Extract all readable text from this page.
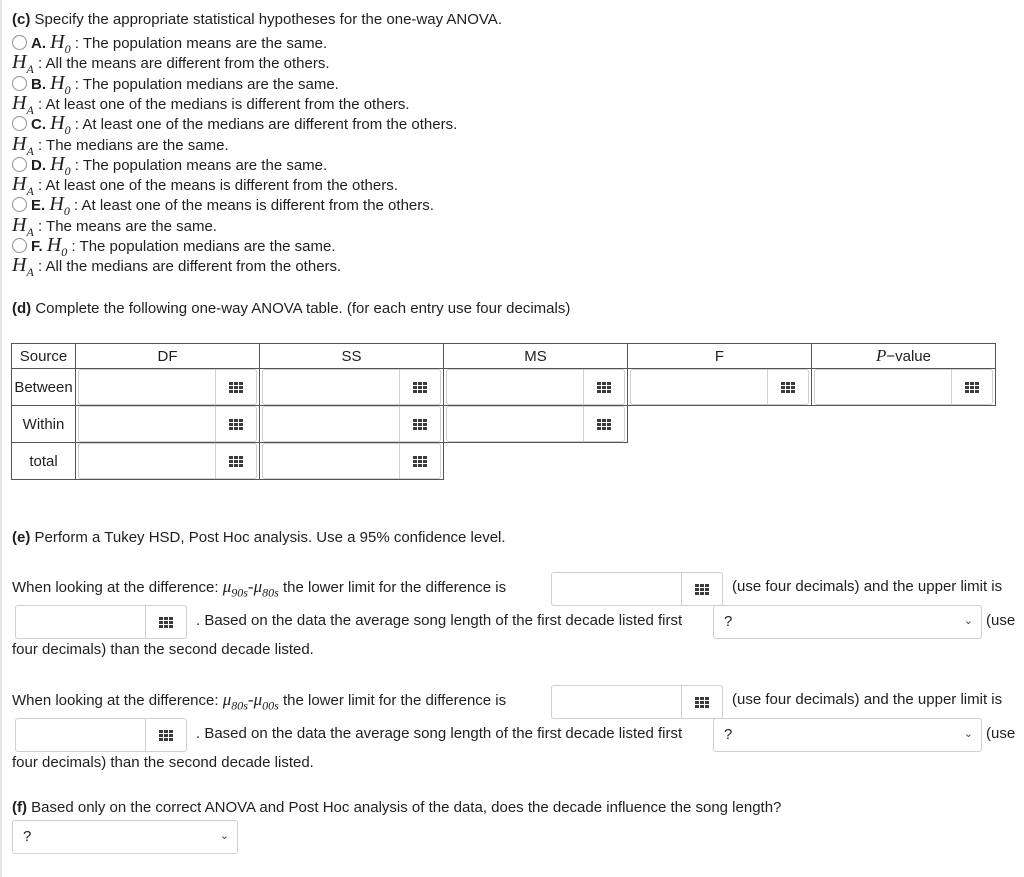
(c) Specify the appropriate statistical hypotheses for the one-way ANOVA.
A. $H_0$ : The population means are the same.
$H_A$ : All the means are different from the others.
B. $H_0$ : The population medians are the same.
$H_A$ : At least one of the medians is different from the others.
C. $H_0$ : At least one of the medians are different from the others.
$H_A$ : The medians are the same.
D. $H_0$ : The population means are the same.
$H_A$ : At least one of the means is different from the others.
E. $H_0$ : At least one of the means is different from the others.
$H_A$ : The means are the same.
F. $H_0$ : The population medians are the same.
$H_A$ : All the medians are different from the others.
(d) Complete the following one-way ANOVA table. (for each entry use four decimals)
Source	DF	SS	MS	F	P−value
Between	

Within	

total	

(e) Perform a Tukey HSD, Post Hoc analysis. Use a 95% confidence level.
When looking at the difference: $\mu_{90s}-\mu_{80s}$ the lower limit for the difference is	(use four decimals) and the upper limit is
. Based on the data the average song length of the first decade listed first	?	⌄ (use
four decimals) than the second decade listed.
When looking at the difference: $\mu_{80s}-\mu_{00s}$ the lower limit for the difference is	(use four decimals) and the upper limit is
. Based on the data the average song length of the first decade listed first	?	⌄ (use
four decimals) than the second decade listed.
(f) Based only on the correct ANOVA and Post Hoc analysis of the data, does the decade influence the song length?
?	⌄
